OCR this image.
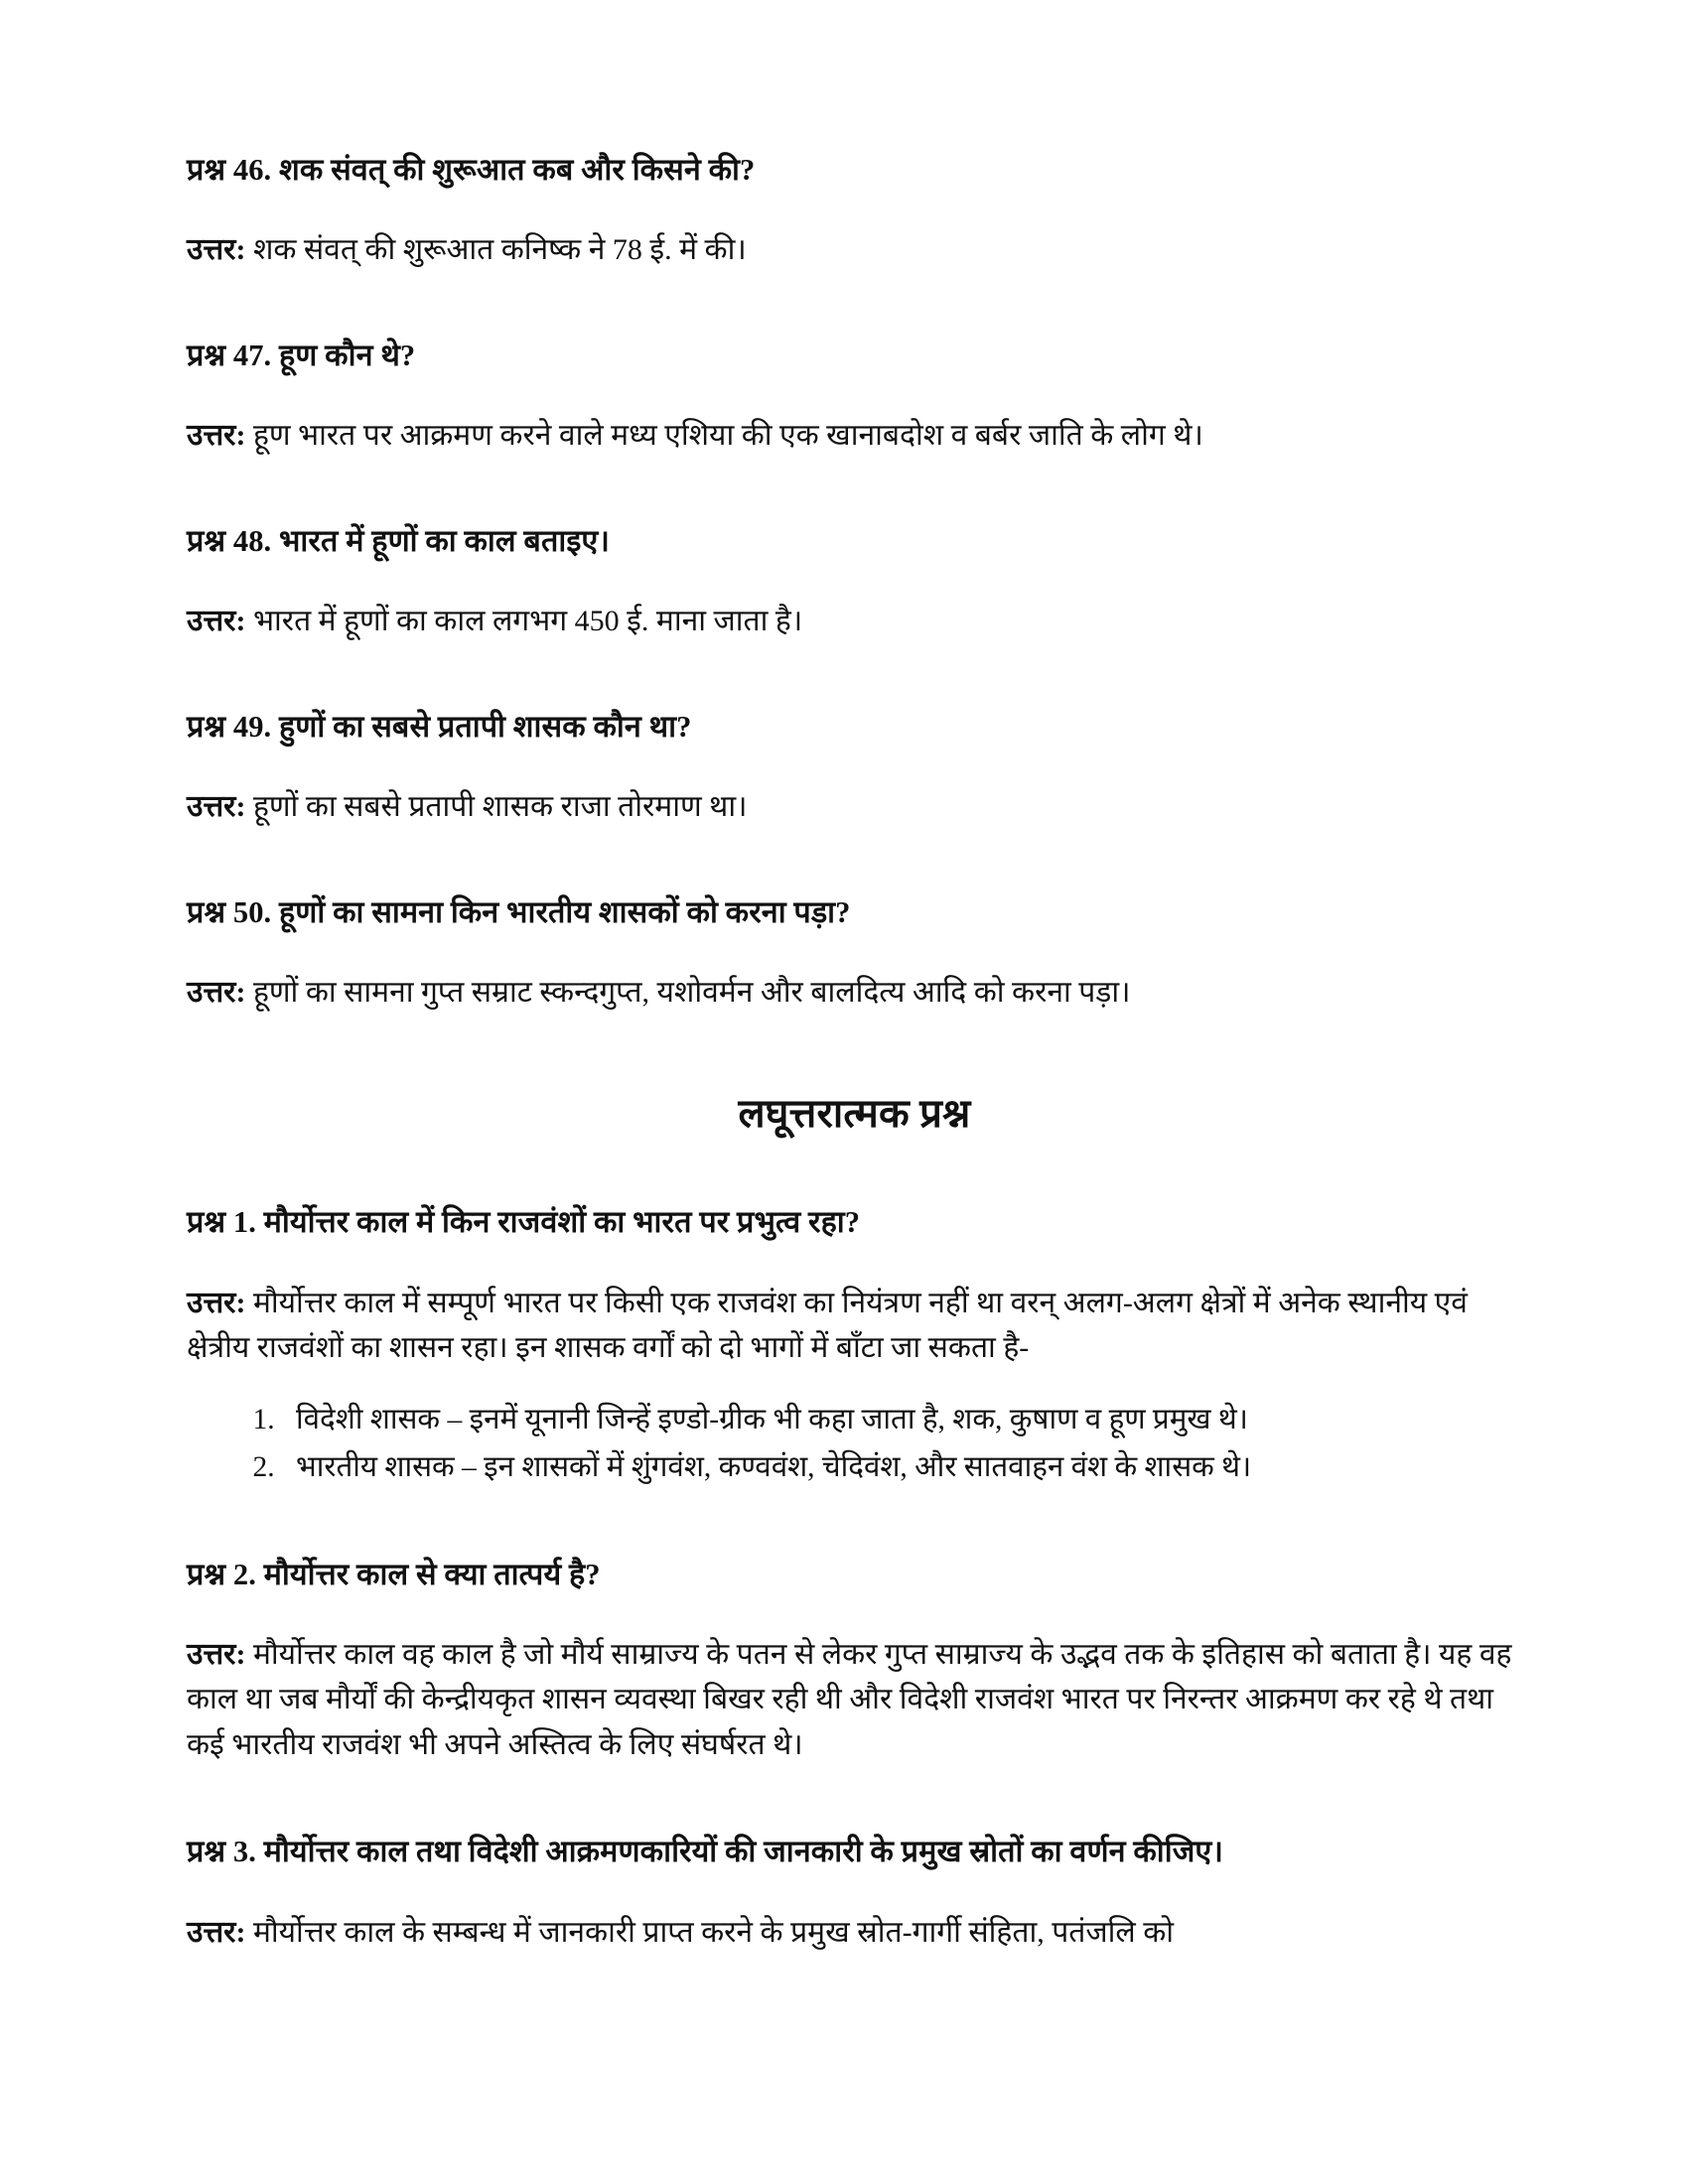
प्रश्न 46. शक संवत् की शुरूआत कब और किसने की?

उत्तर: शक संवत् की शुरूआत कनिष्क ने 78 ई. में की।

प्रश्न 47. हूण कौन थे?

उत्तर: हूण भारत पर आक्रमण करने वाले मध्य एशिया की एक खानाबदोश व बर्बर जाति के लोग थे।

प्रश्न 48. भारत में हूणों का काल बताइए।

उत्तर: भारत में हूणों का काल लगभग 450 ई. माना जाता है।

प्रश्न 49. हुणों का सबसे प्रतापी शासक कौन था?

उत्तर: हूणों का सबसे प्रतापी शासक राजा तोरमाण था।

प्रश्न 50. हूणों का सामना किन भारतीय शासकों को करना पड़ा?

उत्तर: हूणों का सामना गुप्त सम्राट स्कन्दगुप्त, यशोवर्मन और बालदित्य आदि को करना पड़ा।

लघूत्तरात्मक प्रश्न

प्रश्न 1. मौर्योत्तर काल में किन राजवंशों का भारत पर प्रभुत्व रहा?

उत्तर: मौर्योत्तर काल में सम्पूर्ण भारत पर किसी एक राजवंश का नियंत्रण नहीं था वरन् अलग-अलग क्षेत्रों में अनेक स्थानीय एवं क्षेत्रीय राजवंशों का शासन रहा। इन शासक वर्गों को दो भागों में बाँटा जा सकता है-

1. विदेशी शासक – इनमें यूनानी जिन्हें इण्डो-ग्रीक भी कहा जाता है, शक, कुषाण व हूण प्रमुख थे।
2. भारतीय शासक – इन शासकों में शुंगवंश, कण्ववंश, चेदिवंश, और सातवाहन वंश के शासक थे।

प्रश्न 2. मौर्योत्तर काल से क्या तात्पर्य है?

उत्तर: मौर्योत्तर काल वह काल है जो मौर्य साम्राज्य के पतन से लेकर गुप्त साम्राज्य के उद्भव तक के इतिहास को बताता है। यह वह काल था जब मौर्यों की केन्द्रीयकृत शासन व्यवस्था बिखर रही थी और विदेशी राजवंश भारत पर निरन्तर आक्रमण कर रहे थे तथा कई भारतीय राजवंश भी अपने अस्तित्व के लिए संघर्षरत थे।

प्रश्न 3. मौर्योत्तर काल तथा विदेशी आक्रमणकारियों की जानकारी के प्रमुख स्रोतों का वर्णन कीजिए।

उत्तर: मौर्योत्तर काल के सम्बन्ध में जानकारी प्राप्त करने के प्रमुख स्रोत-गार्गी संहिता, पतंजलि को
